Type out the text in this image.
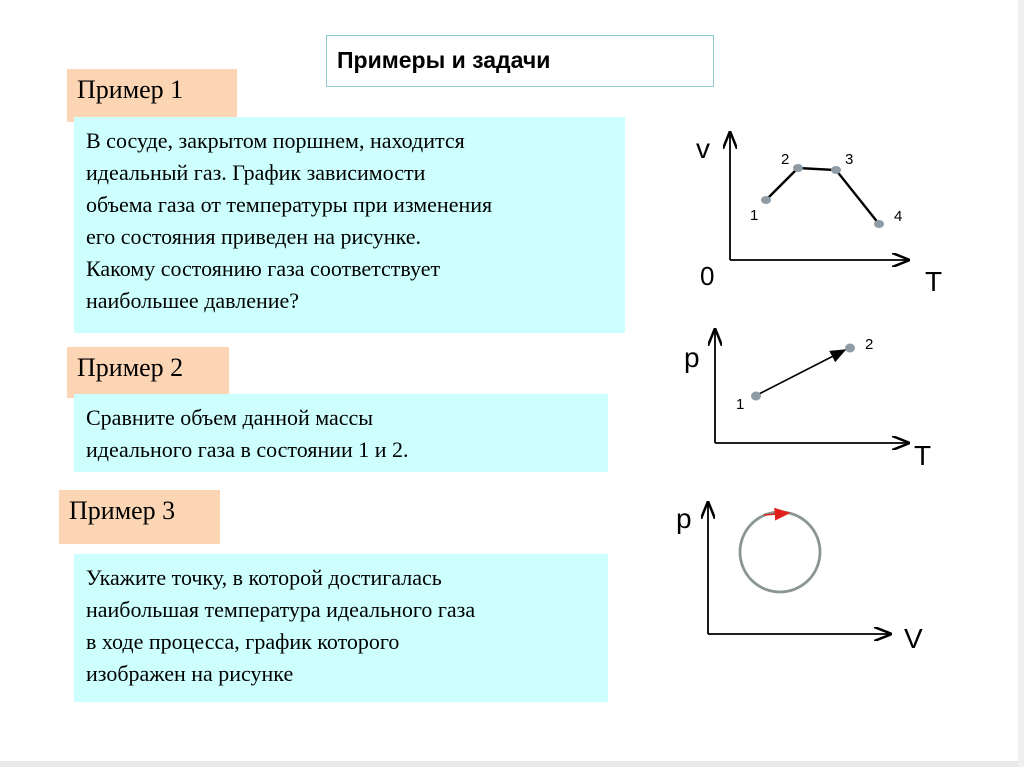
Примеры и задачи
Пример 1
В сосуде, закрытом поршнем, находится
идеальный газ. График зависимости
объема газа от температуры при изменения
его состояния приведен на рисунке.
Какому состоянию газа соответствует
наибольшее давление?
Пример 2
Сравните объем данной массы
идеального газа в состоянии 1 и 2.
Пример 3
Укажите точку, в которой достигалась
наибольшая температура идеального газа
в ходе процесса, график которого
изображен на рисунке
v
T
0
1
2	3
4
p
T
1
2
p
V
